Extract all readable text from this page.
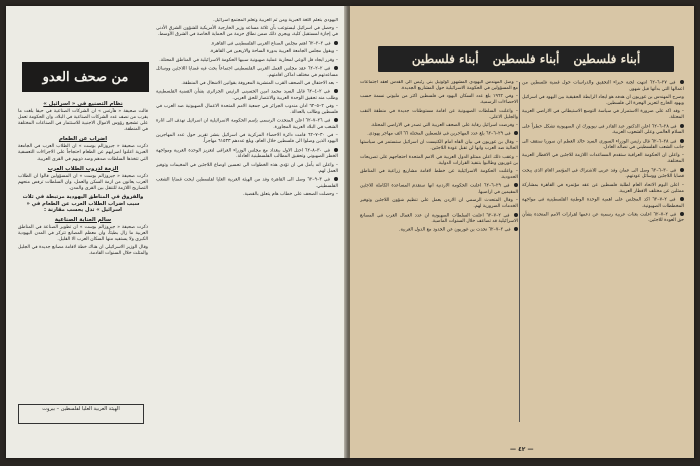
من صحف العدو
نظام التصنيع في « اسرائيل »

قالت صحيفة « هآرتس » ان الشركات الصناعية في حيفا بلغت ما يقرب من نصف عدد الشركات الصناعية في البلاد، وان الحكومة تعمل على تشجيع رؤوس الاموال الاجنبية للاستثمار في الصناعات المختلفة في المنطقة.

اضراب عن الطعام

ذكرت صحيفة « جيروزالم بوست » ان الطلاب العرب في الجامعة العبرية اعلنوا اضرابهم عن الطعام احتجاجاً على الاجراءات التعسفية التي تتخذها السلطات ضدهم وضد ذويهم في القرى العربية.

الزمة لدروب الطلاب العرب

ذكرت صحيفة « جيروزالم بوست » ان المسؤولين قالوا ان الطلاب العرب يعانون من ازمة السكن والعمل، وان السلطات ترفض منحهم التصاريح اللازمة للتنقل بين القرى والمدن.

والفروق في المناطق اليهودية مرتبطة في ثلاث سبب اضراب الطلاب العرب عن الطعام في « اسرائيل » تدل يحسب مقارنة :
سالم العنابة الصناعية

ذكرت صحيفة « جيروزالم بوست » ان تطوير الصناعة في المناطق العربية ما زال بطيئاً، وان معظم المصانع تتركز في المدن اليهودية الكبرى ولا يستفيد منها السكان العرب الا القليل.

وقال الوزير الاسرائيلي ان هناك خطة لاقامة مصانع جديدة في الجليل والمثلث خلال السنوات القادمة.

اليهودي بتعلم اللغة العبرية ومن ثم العربية وتعلم المجتمع اسرائيل.

– وحصل في اسرائيل ليستوعب بأن ثلاثة مساعد وزير الخارجية الأمريكية للشؤون الشرق الأدنى في إجازة لمستقبل كلية، ويجري ذلك ضمن نطاق حزمة من الحماية الخاصة في الشرق الأوسط.

في ٢–٢–٦٢ اهتم مجلس الصناع العربي الفلسطيني في القاهرة.

– ويقول مجلس الجامعة العربية بدورة الساحة والاربعين في القاهرة.

– وقرر ايجاد قل الوعي لمحاربة عملية صهيونية سببها الحكومة الاسرائيلية في المناطق المحتلة.

في ٢–٢–٦٢ عقد مجلس العمل العربي الفلسطيني اجتماعاً بحث فيه قضايا اللاجئين ووسائل مساعدتهم في مختلف اماكن اقامتهم.

– بعد الاحتفال في الصحف القرب المنشرية المعروفة بقوانين الاشغال في المنطقة.

في ٢–٤–٦٢ قابل السيد محمد امين الحسيني الرئيس الجزائري بشأن القضية الفلسطينية وطلب منه تحقيق الوحدة العربية والانتصار للحق العربي.

– وفي ٢–٥–٦٢ ادان مندوب الجزائر في جمعية الامم المتحدة الاعمال الصهيونية ضد العرب في فلسطين وطالب بالعدالة.

في ٢٦–٧–٦٢ اعلن المتحدث الرسمي بإسم الحكومة الاسرائيلية ان اسرائيل تهدف الى اثارة الشغب في البلاد العربية المجاورة.

– في ٣٠–٧–٦٢ قامت دائرة الاحصاء المركزية في اسرائيل بنشر تقرير حول عدد المهاجرين اليهود الذين وصلوا الى فلسطين خلال العام، وبلغ عددهم ٦١٥٣٣ مهاجراً.

في ٣٠–٨–٦٢ احتل الاول ببغداد مع مجلس الوزراء العراقي لتعزيز الوحدة العربية ومواجهة الخطر الصهيوني وتحقيق المطالب الفلسطينية العادلة.

– واعلن انه يأمل في ان تؤدي هذه الخطوات الى تحسين اوضاع اللاجئين في المخيمات وتوفير العمل لهم.

في ٣–٩–٦٢ وصل الى القاهرة وفد من الهيئة العربية العليا لفلسطين لبحث قضايا الشعب الفلسطيني.

– وحصلت الصحف على خطاب هام يتعلق بالقضية.

الهيئة العربية العليا لفلسطين – بيروت
أبناء فلسطين
أبناء فلسطين
أبناء فلسطين

في ٢٧–٦–٦٢ انتهت لجنة خبراء التحقيق والدراسات حول قضية فلسطين من اعمالها التي بدأتها قبل شهور.

وصرح المهندس بن غوريون ان هدفه هو ايجاد الرابطة الحقيقية بين اليهود في اسرائيل ويهود الخارج لتعزيز الهجرة الى فلسطين.

– وقد اكد على ضرورة الاستمرار في سياسة التوسع الاستيطاني في الاراضي العربية المحتلة.

في ٢٨–٦–٦٢ اعلن الدكتور عبد القادر في نيويورك ان الصهيونية تشكل خطراً على السلام العالمي وعلى الشعوب العربية.

في ٢٨–٦–٦٢ قال رئيس الوزراء السوري السيد خالد العظم ان سوريا ستقف الى جانب الشعب الفلسطيني في نضاله العادل.

– واعلن ان الحكومة العراقية ستقدم المساعدات اللازمة للاجئين في الاقطار العربية المختلفة.

في ٣٠–٦–٦٢ وصل الى عمان وفد عربي للاشتراك في المؤتمر العام الذي يبحث قضايا اللاجئين ووسائل عودتهم.

– اعلن اليوم الاتحاد العام لطلبة فلسطين عن عقد مؤتمره في القاهرة بمشاركة ممثلين عن مختلف الاقطار العربية.

في ٢–٧–٦٢ اكد المجلس على اهمية الوحدة الوطنية الفلسطينية في مواجهة المخططات الصهيونية.

في ٢–٧–٦٢ اعلنت بعثات عربية رسمية عن دعمها لقرارات الامم المتحدة بشأن حق العودة للاجئين.

– وصل المهندس اليهودي المشهور كولونيل بنى رئيس الى القدس لعقد اجتماعات مع المسؤولين في الحكومة الاسرائيلية حول المشاريع الجديدة.

– وفي ١٩٦٢ بلغ عدد السكان اليهود في فلسطين اكثر من مليوني نسمة حسب الاحصاءات الرسمية.

– واعلنت السلطات الصهيونية عن اقامة مستوطنات جديدة في منطقة النقب والجليل الاعلى.

– وفرضت اسرائيل رقابة على الصحف العربية التي تصدر في الاراضي المحتلة.

في ٢٩–٦–٦٢ بلغ عدد المهاجرين في فلسطين المحتلة ٦٦ الف مهاجر يهودي.

– وقال بن غوريون في بيان القاه امام الكنيست ان اسرائيل ستستمر في سياستها الحالية ضد العرب وانها لن تقبل عودة اللاجئين.

– وعقب ذلك اعلن ممثلو الدول العربية في الامم المتحدة احتجاجهم على تصريحات بن غوريون وطالبوا بتنفيذ القرارات الدولية.

– واعلنت الحكومة الاسرائيلية عن خطط لاقامة مشاريع زراعية في المناطق الحدودية.

في ٢٩–٦–٦٢ اعلنت الحكومة الاردنية انها ستقدم المساعدة الكاملة للاجئين المقيمين في اراضيها.

– وقال المتحدث الرسمي ان الاردن يعمل على تنظيم شؤون اللاجئين وتوفير الخدمات الضرورية لهم.

في ٢–٧–٦٢ اعلنت السلطات الصهيونية ان عدد العمال العرب في المصانع الاسرائيلية قد تضاعف خلال السنوات الماضية.

في ٢–٧–٦٢ تحدث بن غوريون عن الحدود مع الدول العربية.

— ٤٢ —
